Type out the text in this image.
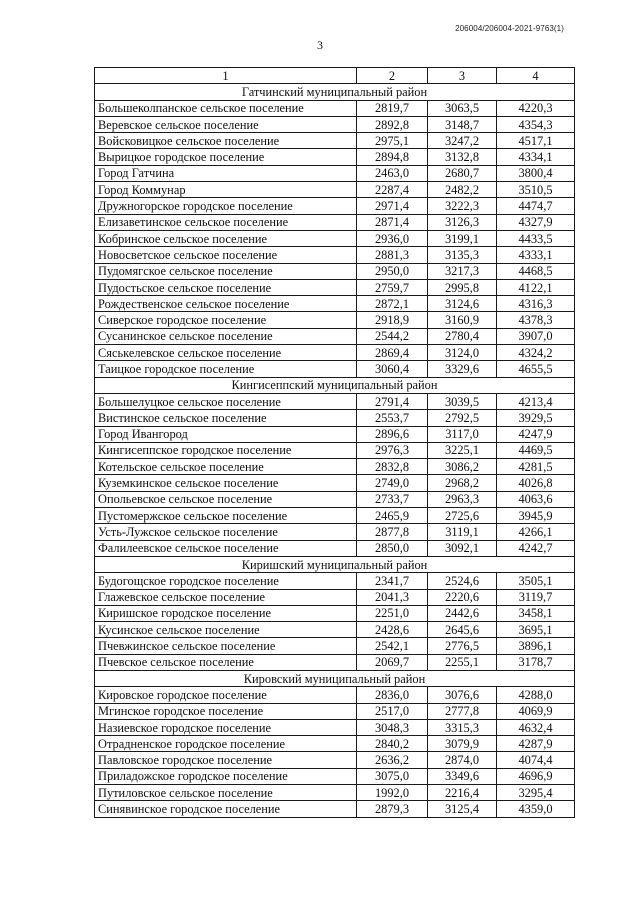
206004/206004-2021-9763(1)
3
1	2	3	4
Гатчинский муниципальный район			
Большеколпанское сельское поселение	2819,7	3063,5	4220,3
Веревское сельское поселение	2892,8	3148,7	4354,3
Войсковицкое сельское поселение	2975,1	3247,2	4517,1
Вырицкое городское поселение	2894,8	3132,8	4334,1
Город Гатчина	2463,0	2680,7	3800,4
Город Коммунар	2287,4	2482,2	3510,5
Дружногорское городское поселение	2971,4	3222,3	4474,7
Елизаветинское сельское поселение	2871,4	3126,3	4327,9
Кобринское сельское поселение	2936,0	3199,1	4433,5
Новосветское сельское поселение	2881,3	3135,3	4333,1
Пудомягское сельское поселение	2950,0	3217,3	4468,5
Пудостьское сельское поселение	2759,7	2995,8	4122,1
Рождественское сельское поселение	2872,1	3124,6	4316,3
Сиверское городское поселение	2918,9	3160,9	4378,3
Сусанинское сельское поселение	2544,2	2780,4	3907,0
Сяськелевское сельское поселение	2869,4	3124,0	4324,2
Таицкое городское поселение	3060,4	3329,6	4655,5
Кингисеппский муниципальный район			
Большелуцкое сельское поселение	2791,4	3039,5	4213,4
Вистинское сельское поселение	2553,7	2792,5	3929,5
Город Ивангород	2896,6	3117,0	4247,9
Кингисеппское городское поселение	2976,3	3225,1	4469,5
Котельское сельское поселение	2832,8	3086,2	4281,5
Куземкинское сельское поселение	2749,0	2968,2	4026,8
Опольевское сельское поселение	2733,7	2963,3	4063,6
Пустомержское сельское поселение	2465,9	2725,6	3945,9
Усть-Лужское сельское поселение	2877,8	3119,1	4266,1
Фалилеевское сельское поселение	2850,0	3092,1	4242,7
Киришский муниципальный район			
Будогощское городское поселение	2341,7	2524,6	3505,1
Глажевское сельское поселение	2041,3	2220,6	3119,7
Киришское городское поселение	2251,0	2442,6	3458,1
Кусинское сельское поселение	2428,6	2645,6	3695,1
Пчевжинское сельское поселение	2542,1	2776,5	3896,1
Пчевское сельское поселение	2069,7	2255,1	3178,7
Кировский муниципальный район			
Кировское городское поселение	2836,0	3076,6	4288,0
Мгинское городское поселение	2517,0	2777,8	4069,9
Назиевское городское поселение	3048,3	3315,3	4632,4
Отрадненское городское поселение	2840,2	3079,9	4287,9
Павловское городское поселение	2636,2	2874,0	4074,4
Приладожское городское поселение	3075,0	3349,6	4696,9
Путиловское сельское поселение	1992,0	2216,4	3295,4
Синявинское городское поселение	2879,3	3125,4	4359,0
